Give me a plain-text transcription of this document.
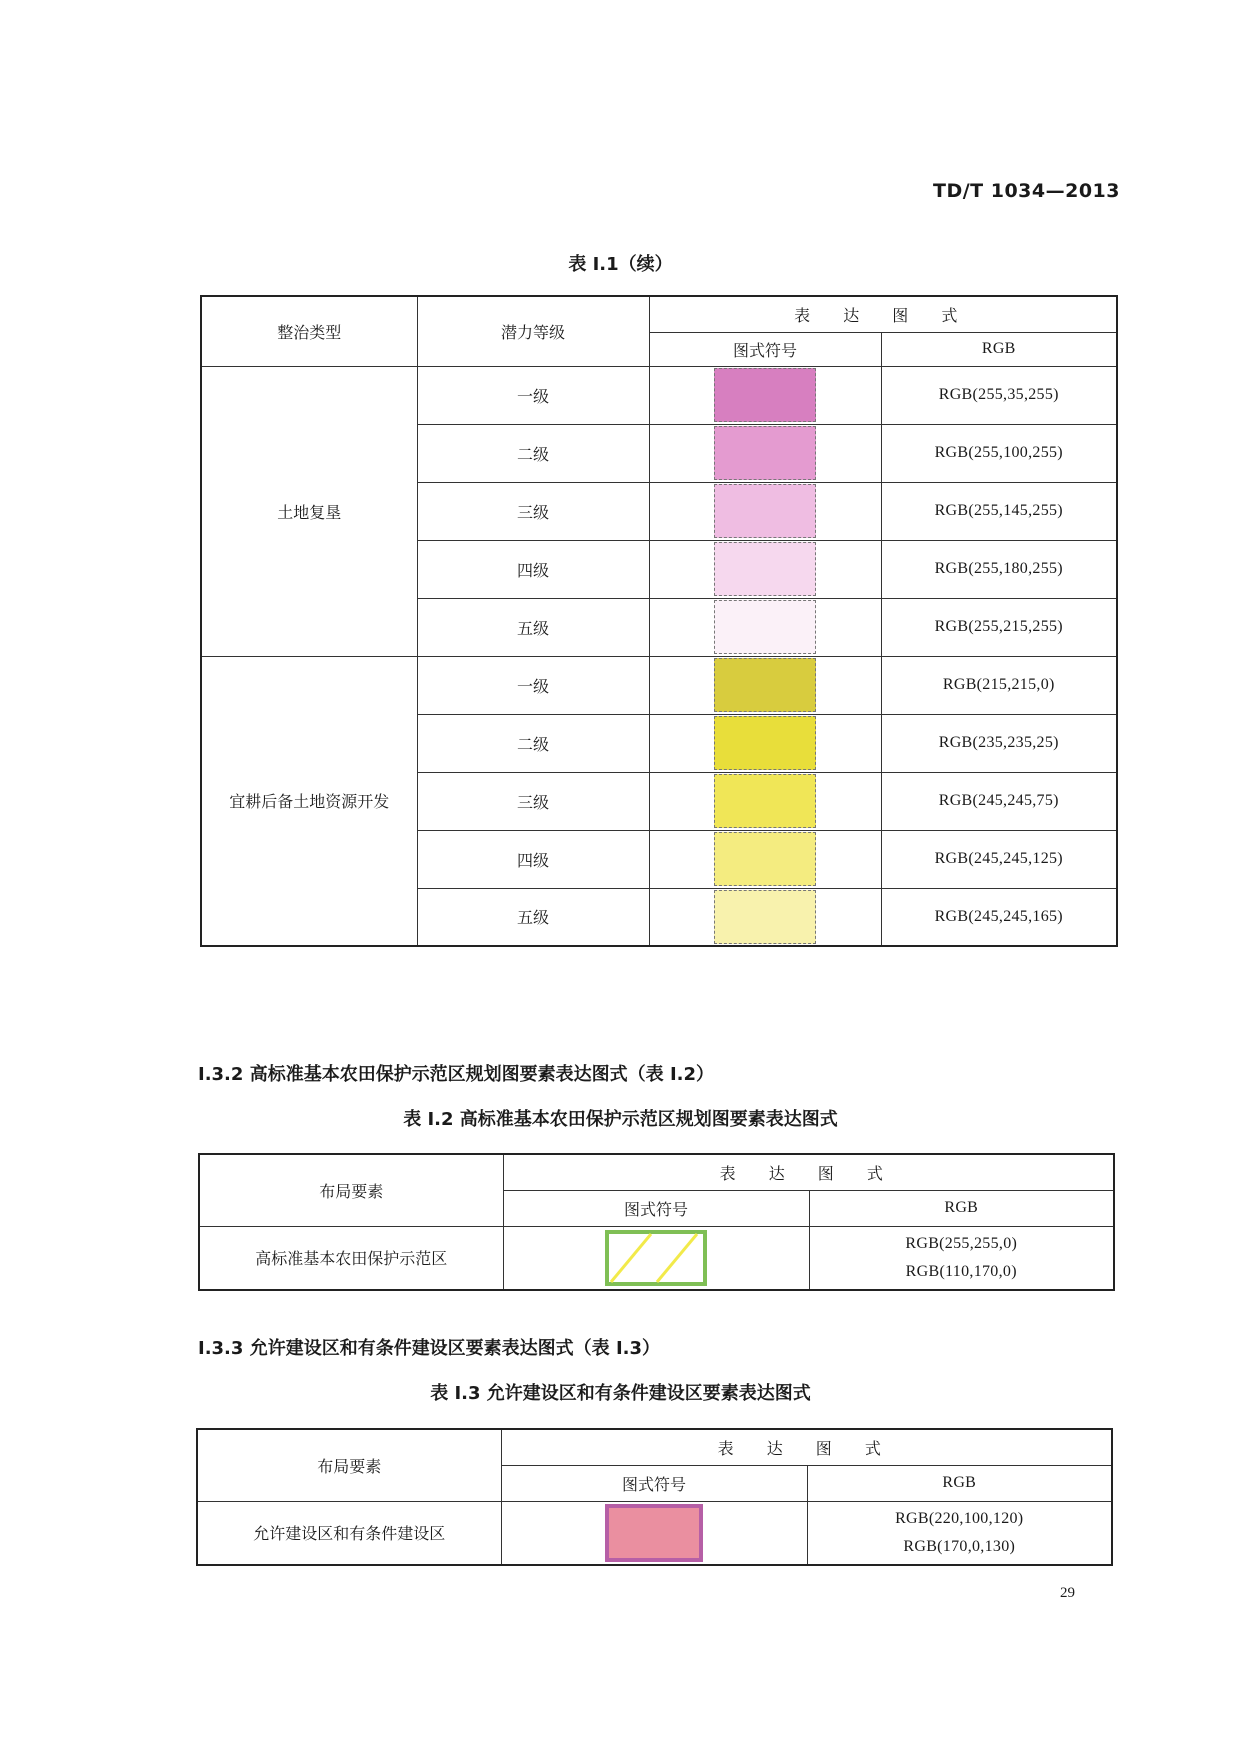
TD/T 1034—2013
表 I.1（续）
整治类型	潜力等级	表 达 图 式	
		图式符号	RGB
土地复垦	一级		RGB(255,35,255)
	二级		RGB(255,100,255)
	三级		RGB(255,145,255)
	四级		RGB(255,180,255)
	五级		RGB(255,215,255)
宜耕后备土地资源开发	一级		RGB(215,215,0)
	二级		RGB(235,235,25)
	三级		RGB(245,245,75)
	四级		RGB(245,245,125)
	五级		RGB(245,245,165)
I.3.2 高标准基本农田保护示范区规划图要素表达图式（表 I.2）
表 I.2 高标准基本农田保护示范区规划图要素表达图式
布局要素	表 达 图 式	
	图式符号	RGB
高标准基本农田保护示范区		RGB(255,255,0)
RGB(110,170,0)
I.3.3 允许建设区和有条件建设区要素表达图式（表 I.3）
表 I.3 允许建设区和有条件建设区要素表达图式
布局要素	表 达 图 式	
	图式符号	RGB
允许建设区和有条件建设区		RGB(220,100,120)
RGB(170,0,130)
29
